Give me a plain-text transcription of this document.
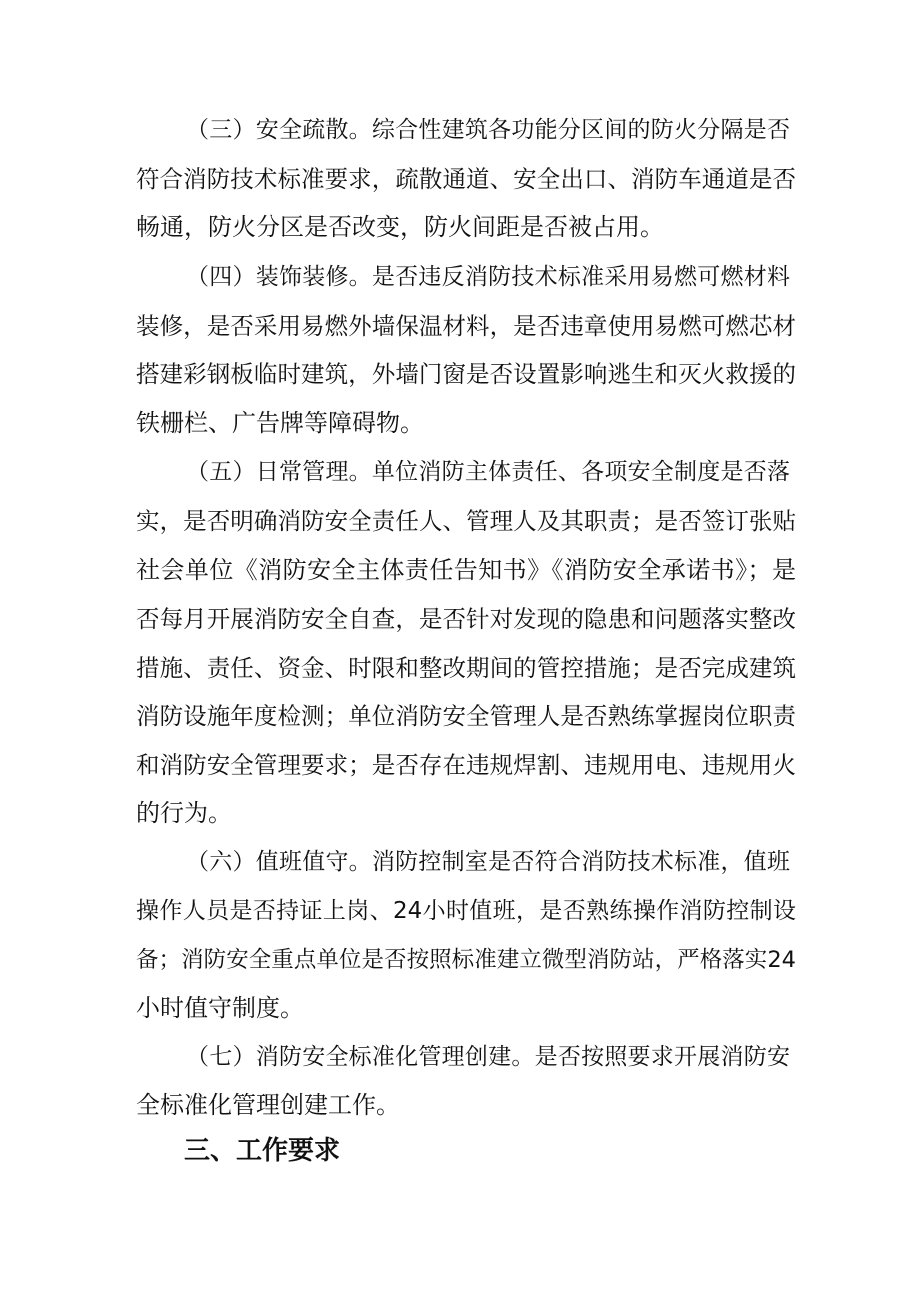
（三）安全疏散。综合性建筑各功能分区间的防火分隔是否
符合消防技术标准要求，疏散通道、安全出口、消防车通道是否
畅通，防火分区是否改变，防火间距是否被占用。
（四）装饰装修。是否违反消防技术标准采用易燃可燃材料
装修，是否采用易燃外墙保温材料，是否违章使用易燃可燃芯材
搭建彩钢板临时建筑，外墙门窗是否设置影响逃生和灭火救援的
铁栅栏、广告牌等障碍物。
（五）日常管理。单位消防主体责任、各项安全制度是否落
实，是否明确消防安全责任人、管理人及其职责；是否签订张贴
社会单位《消防安全主体责任告知书》《消防安全承诺书》；是
否每月开展消防安全自查，是否针对发现的隐患和问题落实整改
措施、责任、资金、时限和整改期间的管控措施；是否完成建筑
消防设施年度检测；单位消防安全管理人是否熟练掌握岗位职责
和消防安全管理要求；是否存在违规焊割、违规用电、违规用火
的行为。
（六）值班值守。消防控制室是否符合消防技术标准，值班
操作人员是否持证上岗、24小时值班，是否熟练操作消防控制设
备；消防安全重点单位是否按照标准建立微型消防站，严格落实24
小时值守制度。
（七）消防安全标准化管理创建。是否按照要求开展消防安
全标准化管理创建工作。
三、工作要求
